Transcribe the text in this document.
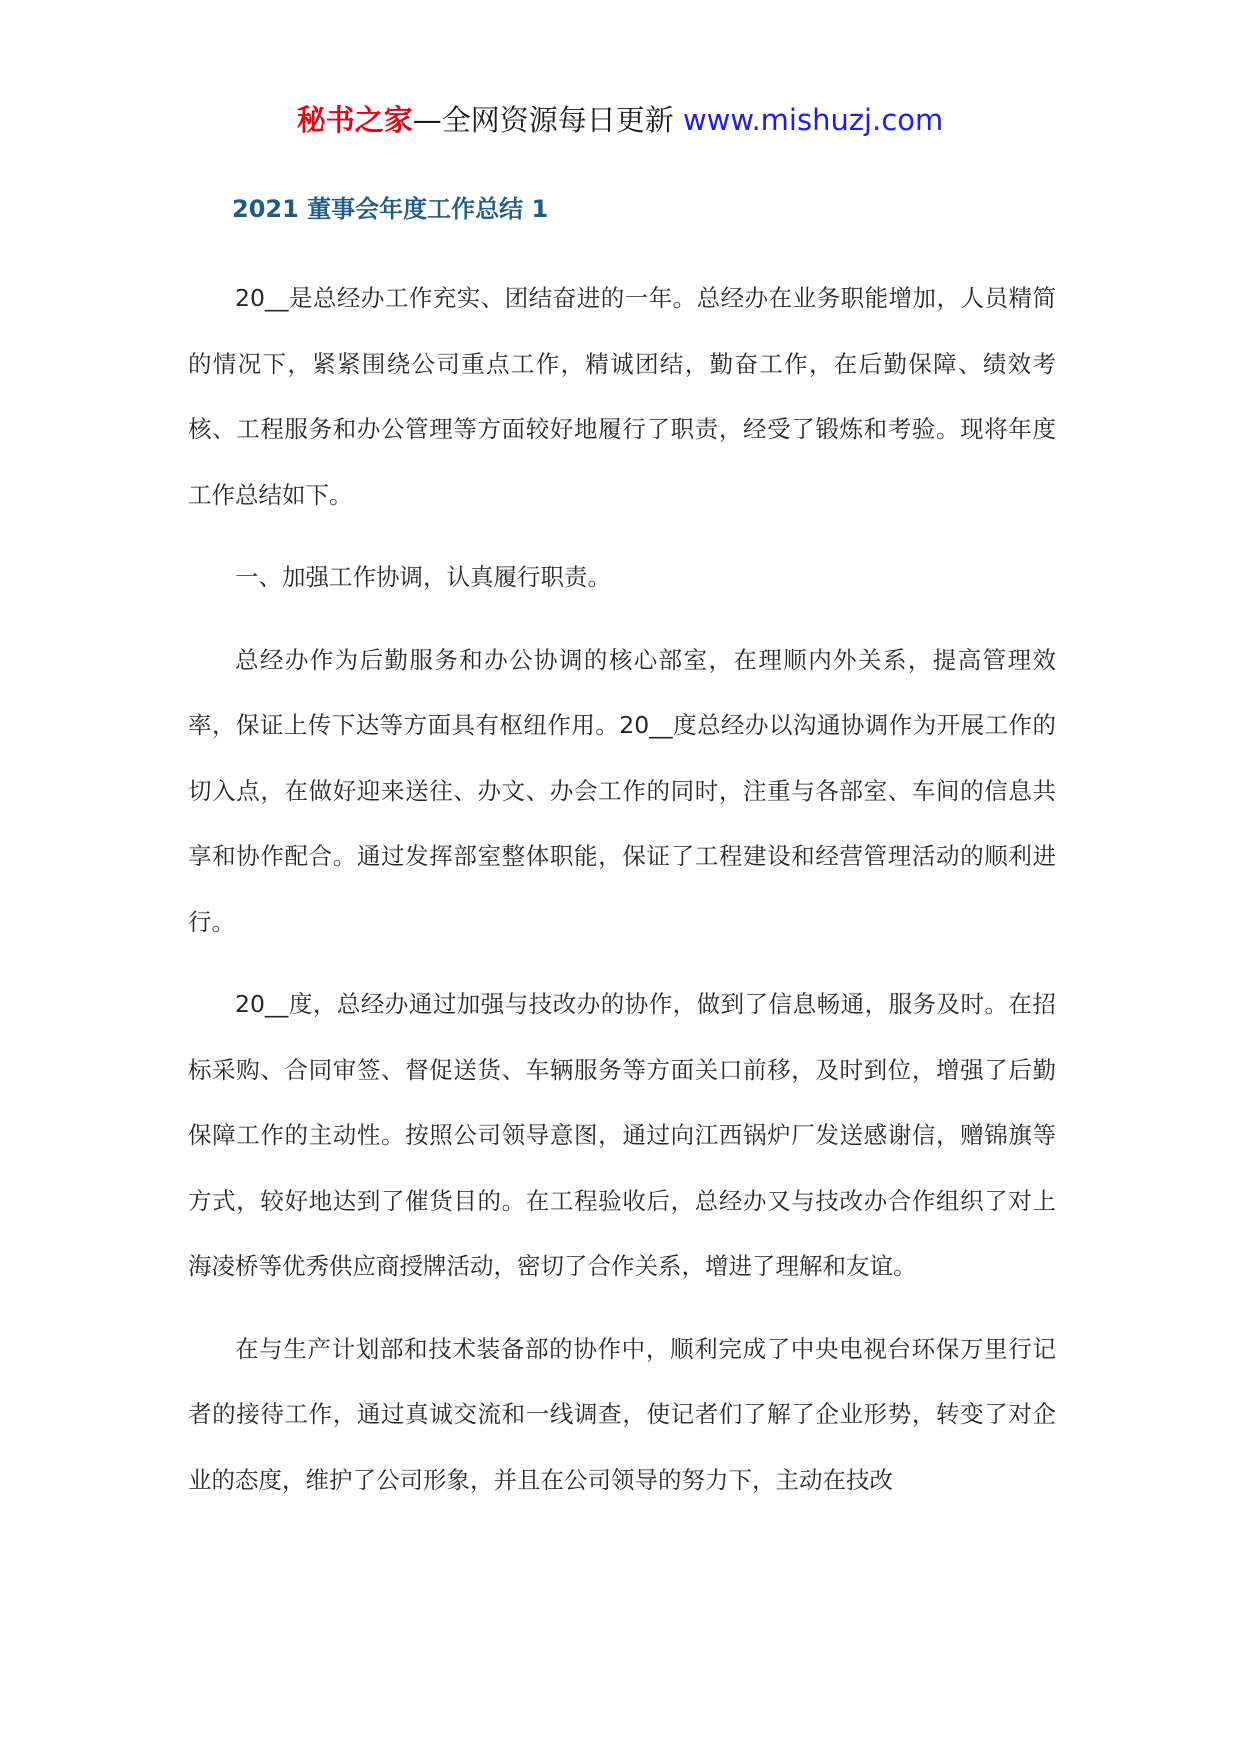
秘书之家—全网资源每日更新 www.mishuzj.com
2021 董事会年度工作总结 1

20__是总经办工作充实、团结奋进的一年。总经办在业务职能增加，人员精简的情况下，紧紧围绕公司重点工作，精诚团结，勤奋工作，在后勤保障、绩效考核、工程服务和办公管理等方面较好地履行了职责，经受了锻炼和考验。现将年度工作总结如下。

一、加强工作协调，认真履行职责。

总经办作为后勤服务和办公协调的核心部室，在理顺内外关系，提高管理效率，保证上传下达等方面具有枢纽作用。20__度总经办以沟通协调作为开展工作的切入点，在做好迎来送往、办文、办会工作的同时，注重与各部室、车间的信息共享和协作配合。通过发挥部室整体职能，保证了工程建设和经营管理活动的顺利进行。

20__度，总经办通过加强与技改办的协作，做到了信息畅通，服务及时。在招标采购、合同审签、督促送货、车辆服务等方面关口前移，及时到位，增强了后勤保障工作的主动性。按照公司领导意图，通过向江西锅炉厂发送感谢信，赠锦旗等方式，较好地达到了催货目的。在工程验收后，总经办又与技改办合作组织了对上海凌桥等优秀供应商授牌活动，密切了合作关系，增进了理解和友谊。

在与生产计划部和技术装备部的协作中，顺利完成了中央电视台环保万里行记者的接待工作，通过真诚交流和一线调查，使记者们了解了企业形势，转变了对企业的态度，维护了公司形象，并且在公司领导的努力下，主动在技改
